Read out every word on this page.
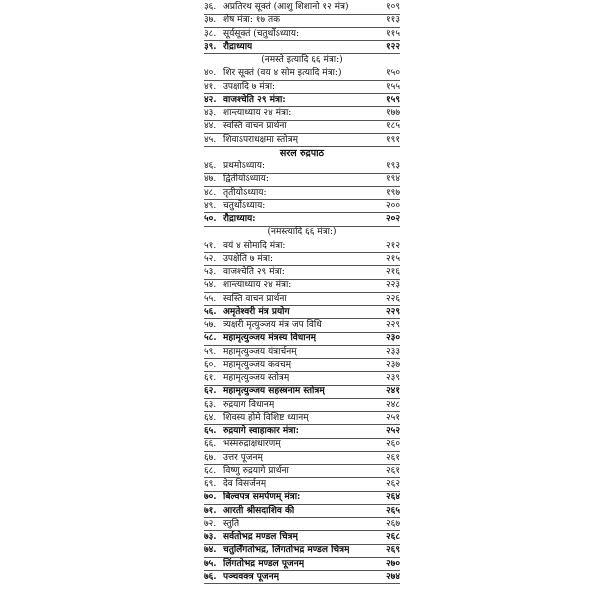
३६. अप्रतिरथ सूक्तं (आशु शिशानो १२ मंत्र)	१०९
३७. शेष मंत्रा: १७ तक	११३
३८. सूर्यसूक्तं (चतुर्थोऽध्याय:	११५
३९. रौद्राध्याय	१२२
(नमस्ते इत्यादि ६६ मंत्रा:)
४०. शिर सूक्तं (वय ४ सोम इत्यादि मंत्रा:)	१५०
४१. उपक्षादि ७ मंत्रा:	१५५
४२. वाजश्चेति २९ मंत्रा:	१५९
४३. शान्त्याध्याय २४ मंत्रा:	१७७
४४. स्वस्ति वाचन प्रार्थना	१८५
४५. शिवाऽपराधक्षमा स्तोत्रम्	१९१
सरल रुद्रपाठ
४६. प्रथमोऽध्याय:	१९३
४७. द्वितीयोऽध्याय:	१९४
४८. तृतीयोऽध्याय:	१९७
४९. चतुर्थोऽध्याय:	२००
५०. रौद्राध्याय:	२०२
(नमस्त्यादि ६६ मंत्रा:)
५१. वयं ४ सोमादि मंत्रा:	२१२
५२. उपक्षेति ७ मंत्रा:	२१५
५३. वाजश्चेति २९ मंत्रा:	२१६
५४. शान्त्याध्याय २४ मंत्रा:	२२३
५५. स्वस्ति वाचन प्रार्थना	२२६
५६. अमृतेश्वरी मंत्र प्रयोग	२२९
५७. त्र्यक्षरी मृत्युञ्जय मंत्र जप विधि	२२९
५८. महामृत्युञ्जय मंत्रस्य विधानम्	२३०
५९. महामृत्युञ्जय यंत्रार्चनम्	२३३
६०. महामृत्युञ्जय कवचम्	२३७
६१. महामृत्युञ्जय स्तोत्रम्	२३९
६२. महामृत्युञ्जय सहस्त्रनाम स्तोत्रम्	२४१
६३. रुद्रयाग विधानम्	२४८
६४. शिवस्य होमे विशिष्ट ध्यानम्	२५१
६५. रुद्रयागे स्वाहाकार मंत्रा:	२५२
६६. भस्मरुद्राक्षधारणम्	२६०
६७. उत्तर पूजनम्	२६१
६८. विष्णु रुद्रयागे प्रार्थना	२६१
६९. देव विसर्जनम्	२६२
७०. बिल्वपत्र समर्पणम् मंत्रा:	२६४
७१. आरती श्रीसदाशिव की	२६५
७२. स्तुति	२६७
७३. सर्वतोभद्र मण्डल चित्रम्	२६८
७४. चतुर्लिंगतोभद्र, लिंगतोभद्र मण्डल चित्रम्	२६९
७५. लिंगतोभद्र मण्डल पूजनम्	२७०
७६. पञ्चवक्त्र पूजनम्	२७४
